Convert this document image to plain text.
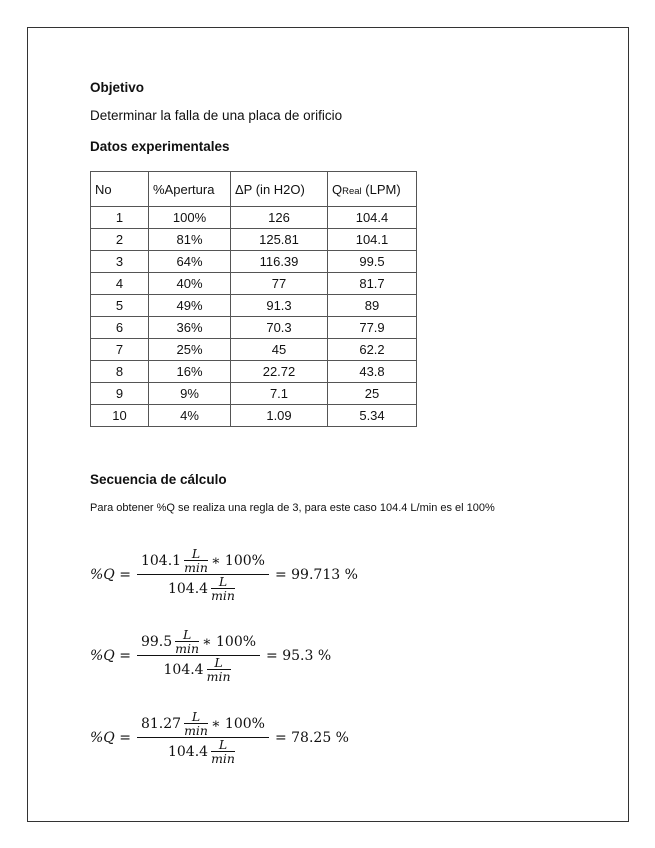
Objetivo

Determinar la falla de una placa de orificio

Datos experimentales

No	%Apertura	ΔP (in H2O)	QReal (LPM)
1	100%	126	104.4
2	81%	125.81	104.1
3	64%	116.39	99.5
4	40%	77	81.7
5	49%	91.3	89
6	36%	70.3	77.9
7	25%	45	62.2
8	16%	22.72	43.8
9	9%	7.1	25
10	4%	1.09	5.34

Secuencia de cálculo

Para obtener %Q se realiza una regla de 3, para este caso 104.4 L/min es el 100%

%Q = 104.1 L
min ∗ 100%
104.4 L
min = 99.713 %
%Q = 99.5 L
min ∗ 100%
104.4 L
min = 95.3 %
%Q = 81.27 L
min ∗ 100%
104.4 L
min = 78.25 %
